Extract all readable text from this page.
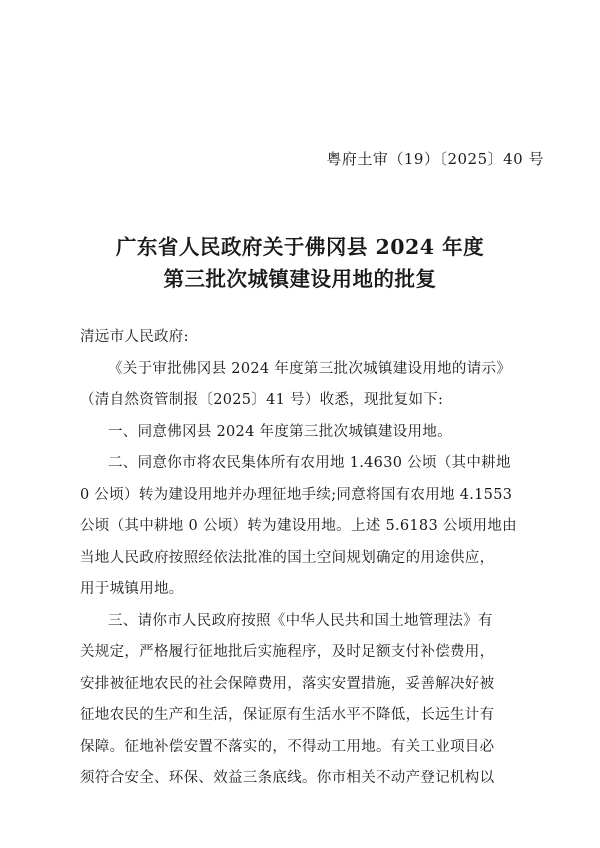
粤府土审（19）〔2025〕40 号
广东省人民政府关于佛冈县 2024 年度
第三批次城镇建设用地的批复
清远市人民政府:
《关于审批佛冈县 2024 年度第三批次城镇建设用地的请示》
（清自然资管制报〔2025〕41 号）收悉，现批复如下:
一、同意佛冈县 2024 年度第三批次城镇建设用地。
二、同意你市将农民集体所有农用地 1.4630 公顷（其中耕地
0 公顷）转为建设用地并办理征地手续;同意将国有农用地 4.1553
公顷（其中耕地 0 公顷）转为建设用地。上述 5.6183 公顷用地由
当地人民政府按照经依法批准的国土空间规划确定的用途供应，
用于城镇用地。
三、请你市人民政府按照《中华人民共和国土地管理法》有
关规定，严格履行征地批后实施程序，及时足额支付补偿费用，
安排被征地农民的社会保障费用，落实安置措施，妥善解决好被
征地农民的生产和生活，保证原有生活水平不降低，长远生计有
保障。征地补偿安置不落实的，不得动工用地。有关工业项目必
须符合安全、环保、效益三条底线。你市相关不动产登记机构以
